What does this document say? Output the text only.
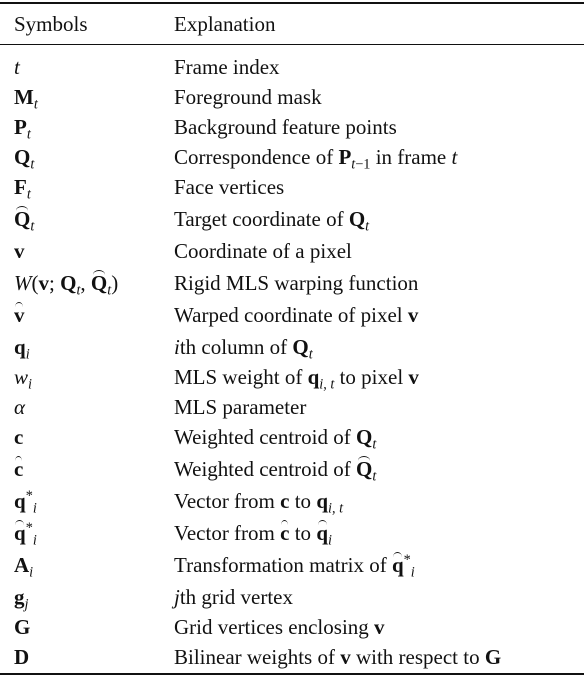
Symbols	Explanation
t	Frame index
$M_t$	Foreground mask
$P_t$	Background feature points
$Q_t$	Correspondence of $P_{t-1}$ in frame t
$F_t$	Face vertices
$Q_t$	Target coordinate of $Q_t$
v	Coordinate of a pixel
W(v; $Q_t$, $Q_t$)	Rigid MLS warping function
v	Warped coordinate of pixel v
$q_i$	ith column of $Q_t$
$w_i$	MLS weight of $q_{i, t}$ to pixel v
α	MLS parameter
c	Weighted centroid of $Q_t$
c	Weighted centroid of $Q_t$
$q^*_i$	Vector from c to $q_{i, t}$
$q^*_i$	Vector from c to $q_i$
$A_i$	Transformation matrix of $q^*_i$
$g_j$	jth grid vertex
G	Grid vertices enclosing v
D	Bilinear weights of v with respect to G
